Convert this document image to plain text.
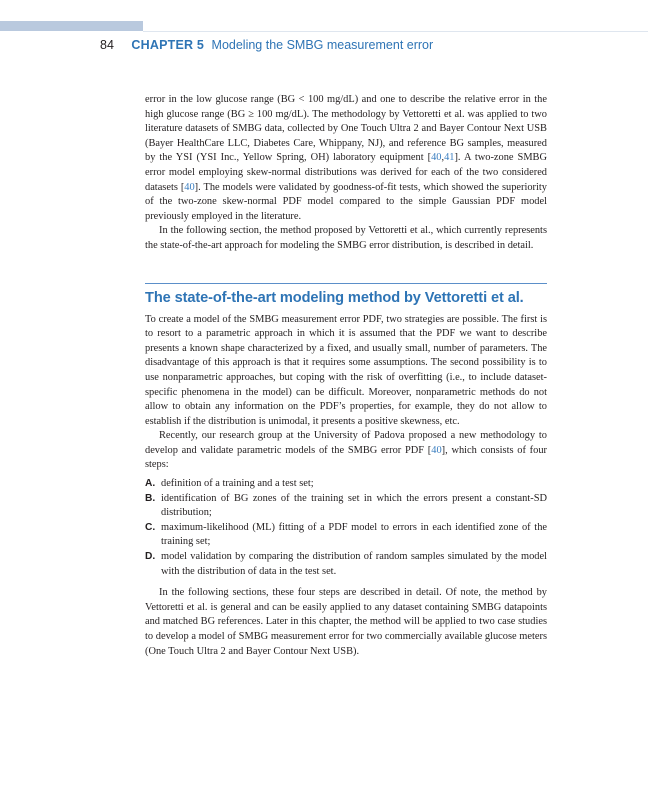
84 CHAPTER 5 Modeling the SMBG measurement error

error in the low glucose range (BG < 100 mg/dL) and one to describe the relative error in the high glucose range (BG ≥ 100 mg/dL). The methodology by Vettoretti et al. was applied to two literature datasets of SMBG data, collected by One Touch Ultra 2 and Bayer Contour Next USB (Bayer HealthCare LLC, Diabetes Care, Whippany, NJ), and reference BG samples, measured by the YSI (YSI Inc., Yellow Spring, OH) laboratory equipment [40,41]. A two-zone SMBG error model employing skew-normal distributions was derived for each of the two considered datasets [40]. The models were validated by goodness-of-fit tests, which showed the superiority of the two-zone skew-normal PDF model compared to the simple Gaussian PDF model previously employed in the literature.

In the following section, the method proposed by Vettoretti et al., which currently represents the state-of-the-art approach for modeling the SMBG error distribution, is described in detail.

The state-of-the-art modeling method by Vettoretti et al.

To create a model of the SMBG measurement error PDF, two strategies are possible. The first is to resort to a parametric approach in which it is assumed that the PDF we want to describe presents a known shape characterized by a fixed, and usually small, number of parameters. The disadvantage of this approach is that it requires some assumptions. The second possibility is to use nonparametric approaches, but coping with the risk of overfitting (i.e., to include dataset-specific phenomena in the model) can be difficult. Moreover, nonparametric methods do not allow to obtain any information on the PDF’s properties, for example, they do not allow to establish if the distribution is unimodal, it presents a positive skewness, etc.

Recently, our research group at the University of Padova proposed a new methodology to develop and validate parametric models of the SMBG error PDF [40], which consists of four steps:

A. definition of a training and a test set;
B. identification of BG zones of the training set in which the errors present a constant-SD distribution;
C. maximum-likelihood (ML) fitting of a PDF model to errors in each identified zone of the training set;
D. model validation by comparing the distribution of random samples simulated by the model with the distribution of data in the test set.

In the following sections, these four steps are described in detail. Of note, the method by Vettoretti et al. is general and can be easily applied to any dataset containing SMBG datapoints and matched BG references. Later in this chapter, the method will be applied to two case studies to develop a model of SMBG measurement error for two commercially available glucose meters (One Touch Ultra 2 and Bayer Contour Next USB).
